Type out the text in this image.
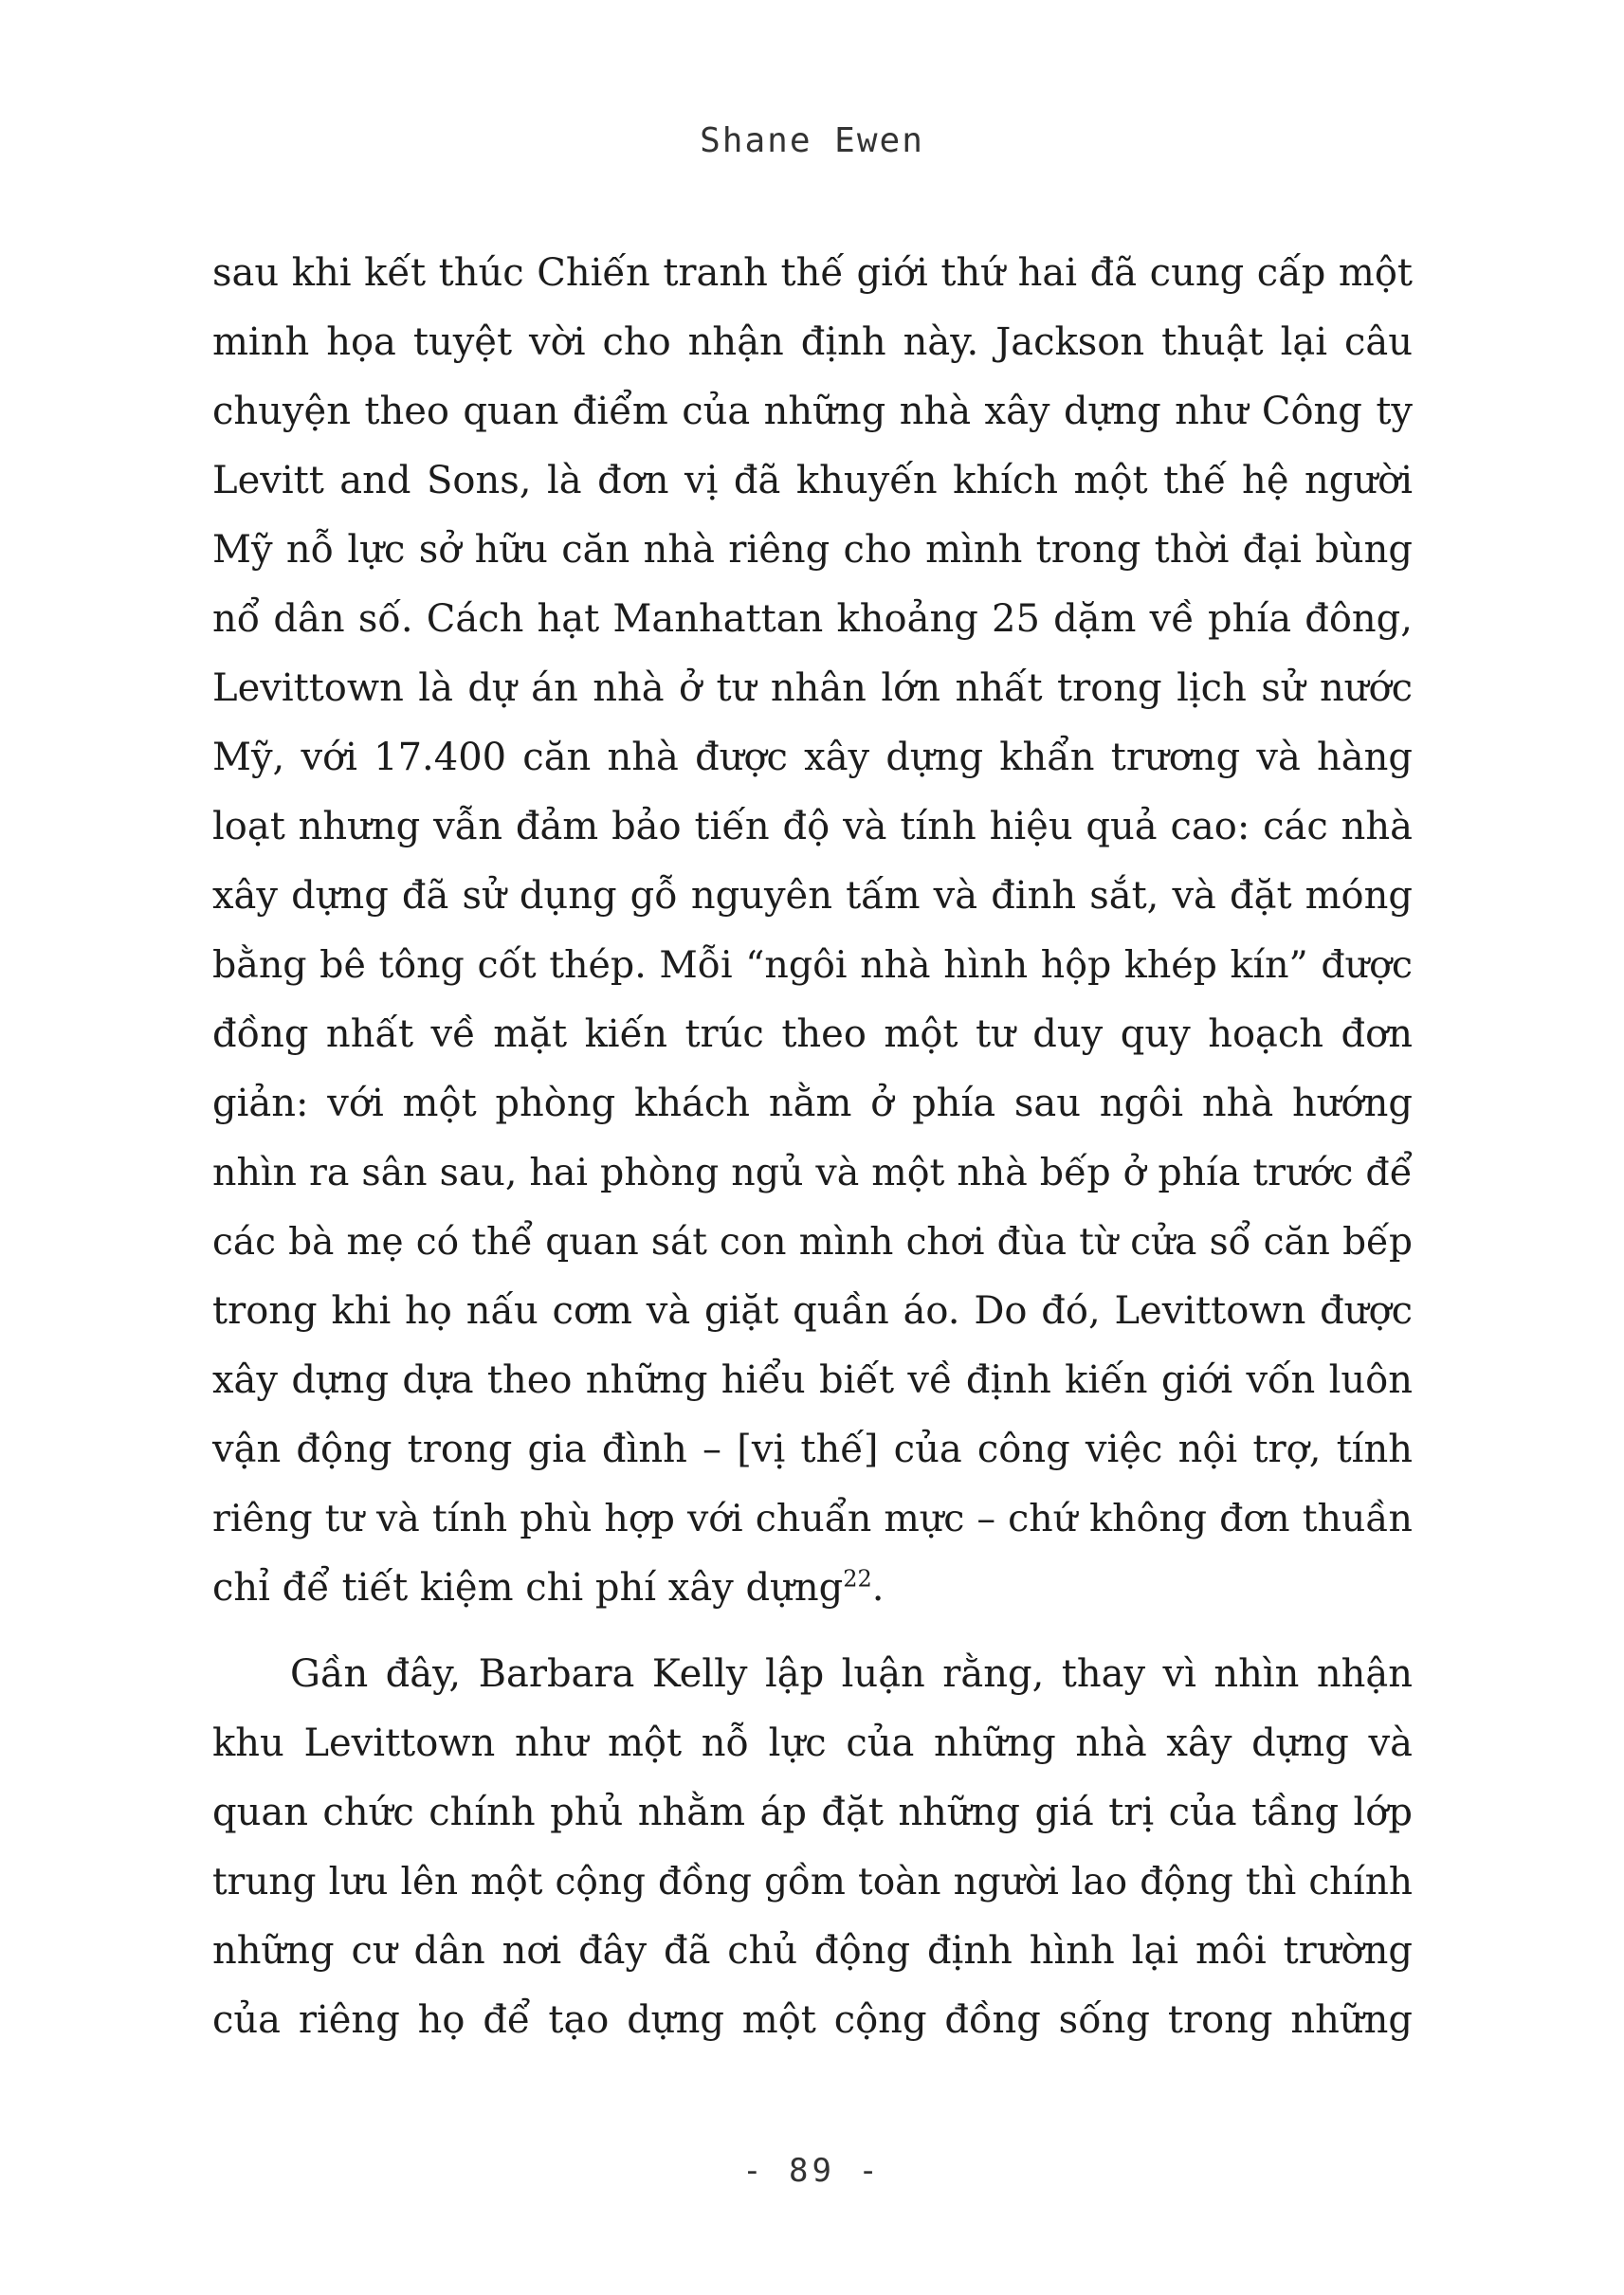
Shane Ewen
sau khi kết thúc Chiến tranh thế giới thứ hai đã cung cấp một
minh họa tuyệt vời cho nhận định này. Jackson thuật lại câu
chuyện theo quan điểm của những nhà xây dựng như Công ty
Levitt and Sons, là đơn vị đã khuyến khích một thế hệ người
Mỹ nỗ lực sở hữu căn nhà riêng cho mình trong thời đại bùng
nổ dân số. Cách hạt Manhattan khoảng 25 dặm về phía đông,
Levittown là dự án nhà ở tư nhân lớn nhất trong lịch sử nước
Mỹ, với 17.400 căn nhà được xây dựng khẩn trương và hàng
loạt nhưng vẫn đảm bảo tiến độ và tính hiệu quả cao: các nhà
xây dựng đã sử dụng gỗ nguyên tấm và đinh sắt, và đặt móng
bằng bê tông cốt thép. Mỗi “ngôi nhà hình hộp khép kín” được
đồng nhất về mặt kiến trúc theo một tư duy quy hoạch đơn
giản: với một phòng khách nằm ở phía sau ngôi nhà hướng
nhìn ra sân sau, hai phòng ngủ và một nhà bếp ở phía trước để
các bà mẹ có thể quan sát con mình chơi đùa từ cửa sổ căn bếp
trong khi họ nấu cơm và giặt quần áo. Do đó, Levittown được
xây dựng dựa theo những hiểu biết về định kiến giới vốn luôn
vận động trong gia đình – [vị thế] của công việc nội trợ, tính
riêng tư và tính phù hợp với chuẩn mực – chứ không đơn thuần
chỉ để tiết kiệm chi phí xây dựng$^{22}$.
Gần đây, Barbara Kelly lập luận rằng, thay vì nhìn nhận
khu Levittown như một nỗ lực của những nhà xây dựng và
quan chức chính phủ nhằm áp đặt những giá trị của tầng lớp
trung lưu lên một cộng đồng gồm toàn người lao động thì chính
những cư dân nơi đây đã chủ động định hình lại môi trường
của riêng họ để tạo dựng một cộng đồng sống trong những
- 89 -
